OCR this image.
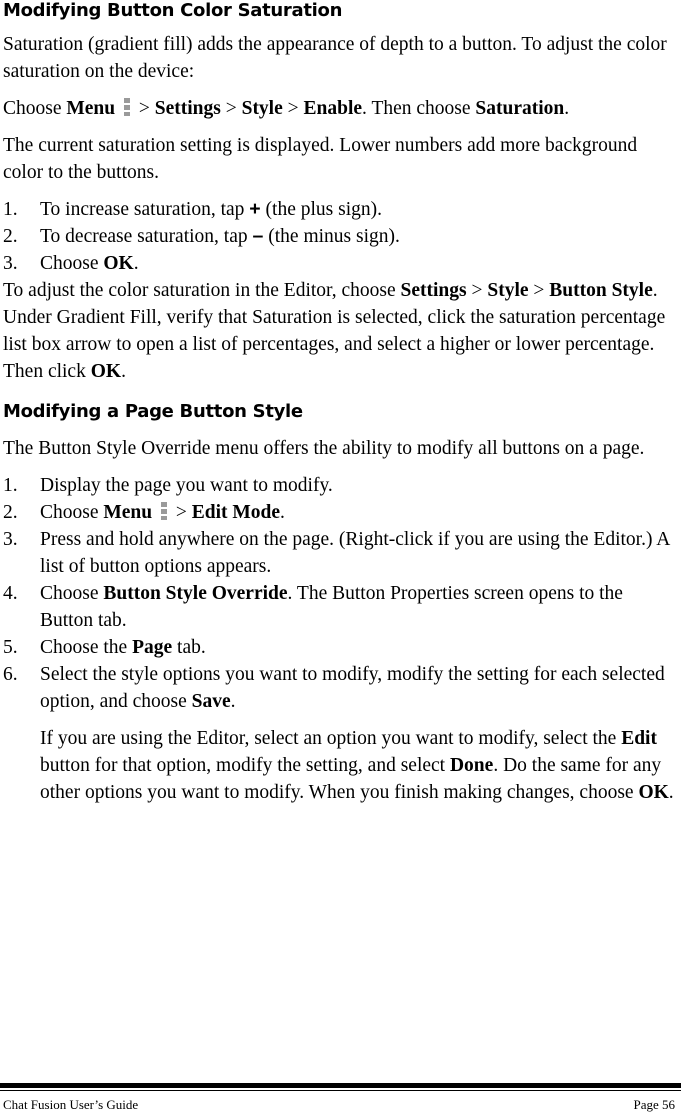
Modifying Button Color Saturation

Saturation (gradient fill) adds the appearance of depth to a button. To adjust the color saturation on the device:

Choose Menu > Settings > Style > Enable. Then choose Saturation.

The current saturation setting is displayed. Lower numbers add more background color to the buttons.

1.	To increase saturation, tap + (the plus sign).
2.	To decrease saturation, tap – (the minus sign).
3.	Choose OK.

To adjust the color saturation in the Editor, choose Settings > Style > Button Style. Under Gradient Fill, verify that Saturation is selected, click the saturation percentage list box arrow to open a list of percentages, and select a higher or lower percentage. Then click OK.

Modifying a Page Button Style

The Button Style Override menu offers the ability to modify all buttons on a page.

1.	Display the page you want to modify.
2.	Choose Menu > Edit Mode.
3.	Press and hold anywhere on the page. (Right-click if you are using the Editor.) A list of button options appears.
4.	Choose Button Style Override. The Button Properties screen opens to the Button tab.
5.	Choose the Page tab.
6.	Select the style options you want to modify, modify the setting for each selected option, and choose Save.

If you are using the Editor, select an option you want to modify, select the Edit button for that option, modify the setting, and select Done. Do the same for any other options you want to modify. When you finish making changes, choose OK.

Chat Fusion User’s Guide	Page 56
